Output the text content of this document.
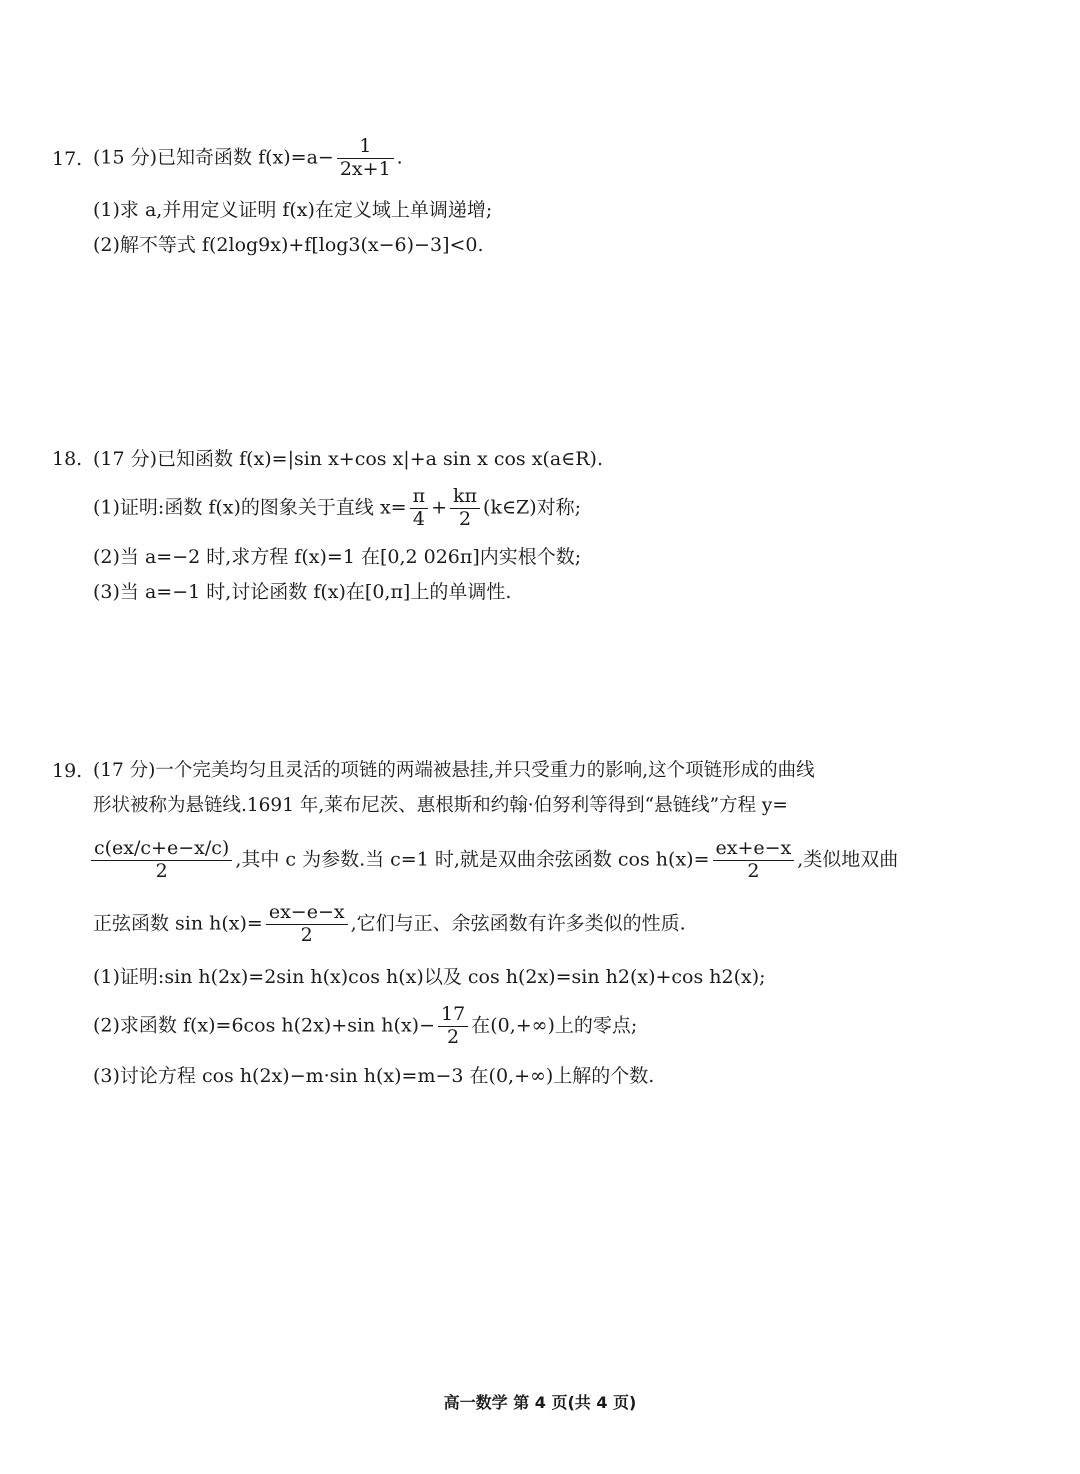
17. (15 分)已知奇函数 $f(x)=a- \frac{1}{2x+1}$ .
(1)求 a,并用定义证明 f(x)在定义域上单调递增;
(2)解不等式 f(2log9x)+f[log3(x−6)−3]<0.
18. (17 分)已知函数 f(x)=|sin x+cos x|+a sin x cos x(a∈R).
(1)证明:函数 f(x)的图象关于直线 $x= \frac{\pi}{4} + \frac{k\pi}{2}$ (k∈Z)对称;
(2)当 a=−2 时,求方程 f(x)=1 在[0,2 026π]内实根个数;
(3)当 a=−1 时,讨论函数 f(x)在[0,π]上的单调性.
19. (17 分)一个完美均匀且灵活的项链的两端被悬挂,并只受重力的影响,这个项链形成的曲线
形状被称为悬链线.1691 年,莱布尼茨、惠根斯和约翰·伯努利等得到“悬链线”方程 y=
$\frac{c(ex/c+e-x/c)}{2}$ ,其中 c 为参数.当 c=1 时,就是双曲余弦函数 $\cos h(x)= \frac{ex+e-x}{2}$ ,类似地双曲
正弦函数 $\sin h(x)= \frac{ex-e-x}{2}$ ,它们与正、余弦函数有许多类似的性质.
(1)证明:sin h(2x)=2sin h(x)cos h(x)以及 cos h(2x)=sin h2(x)+cos h2(x);
(2)求函数 f(x)=6cos h(2x)+sin $h(x)- \frac{17}{2}$ 在(0,+∞)上的零点;
(3)讨论方程 cos h(2x)−m·sin h(x)=m−3 在(0,+∞)上解的个数.
高一数学 第 4 页(共 4 页)
